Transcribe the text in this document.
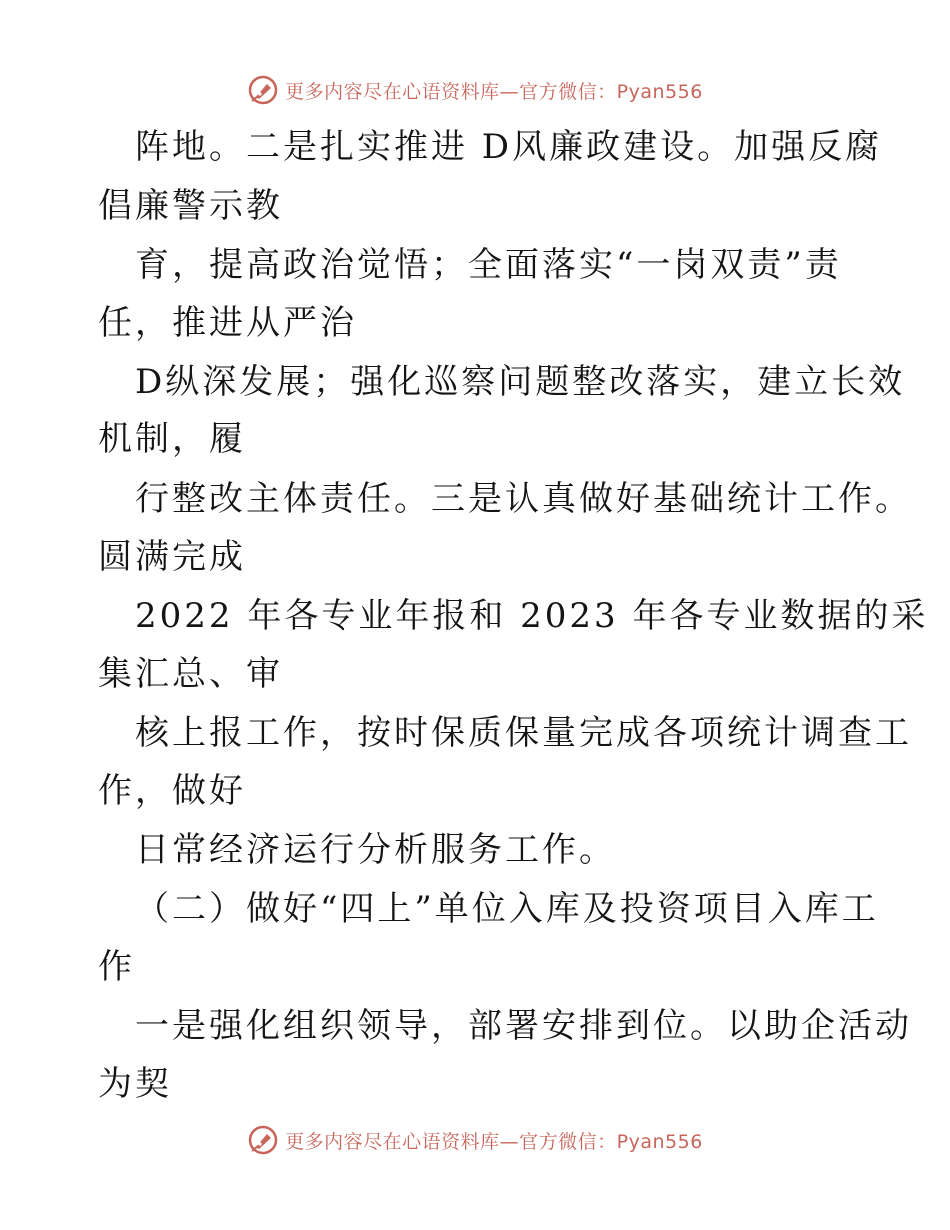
更多内容尽在心语资料库—官方微信：Pyan556
阵地。二是扎实推进 D风廉政建设。加强反腐
倡廉警示教
育，提高政治觉悟；全面落实“一岗双责”责
任，推进从严治
D纵深发展；强化巡察问题整改落实，建立长效
机制，履
行整改主体责任。三是认真做好基础统计工作。
圆满完成
2022 年各专业年报和 2023 年各专业数据的采
集汇总、审
核上报工作，按时保质保量完成各项统计调查工
作，做好
日常经济运行分析服务工作。
（二）做好“四上”单位入库及投资项目入库工
作
一是强化组织领导，部署安排到位。以助企活动
为契
更多内容尽在心语资料库—官方微信：Pyan556
